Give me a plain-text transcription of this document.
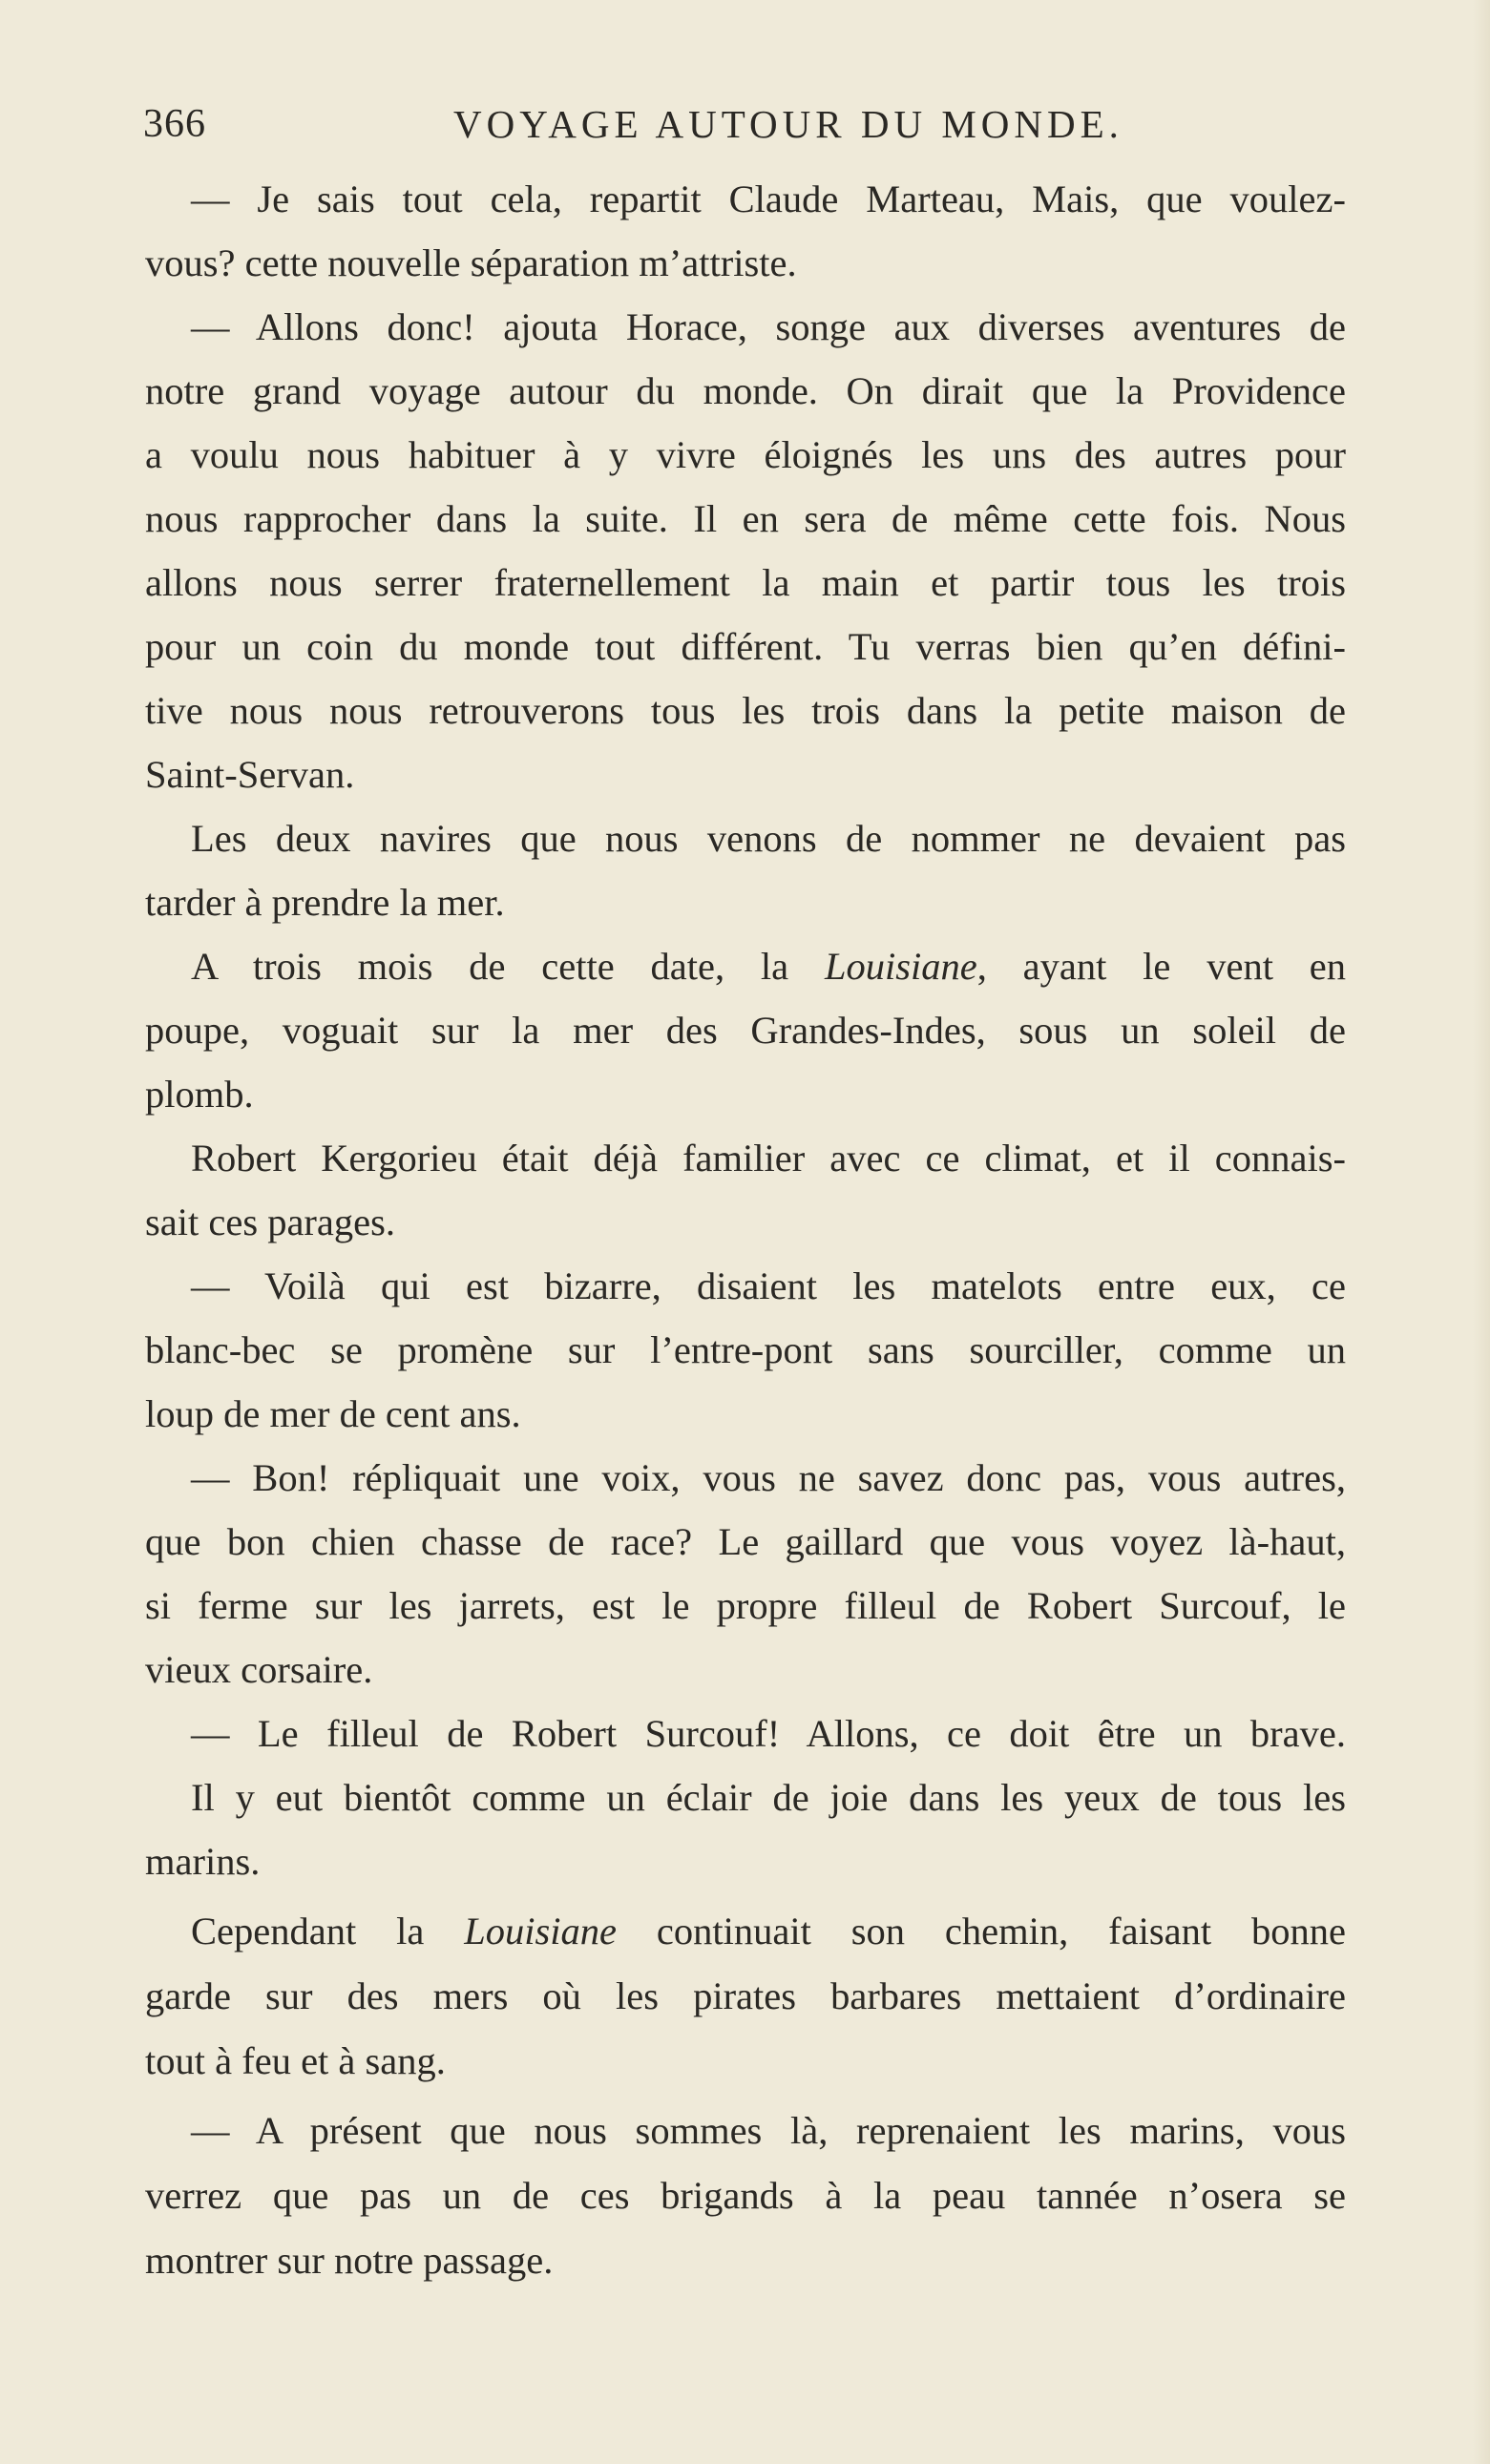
366	VOYAGE AUTOUR DU MONDE.
— Je sais tout cela, repartit Claude Marteau, Mais, que voulez-
vous? cette nouvelle séparation m’attriste.
— Allons donc! ajouta Horace, songe aux diverses aventures de
notre grand voyage autour du monde. On dirait que la Providence
a voulu nous habituer à y vivre éloignés les uns des autres pour
nous rapprocher dans la suite. Il en sera de même cette fois. Nous
allons nous serrer fraternellement la main et partir tous les trois
pour un coin du monde tout différent. Tu verras bien qu’en défini-
tive nous nous retrouverons tous les trois dans la petite maison de
Saint-Servan.
Les deux navires que nous venons de nommer ne devaient pas
tarder à prendre la mer.
A trois mois de cette date, la Louisiane, ayant le vent en
poupe, voguait sur la mer des Grandes-Indes, sous un soleil de
plomb.
Robert Kergorieu était déjà familier avec ce climat, et il connais-
sait ces parages.
— Voilà qui est bizarre, disaient les matelots entre eux, ce
blanc-bec se promène sur l’entre-pont sans sourciller, comme un
loup de mer de cent ans.
— Bon! répliquait une voix, vous ne savez donc pas, vous autres,
que bon chien chasse de race? Le gaillard que vous voyez là-haut,
si ferme sur les jarrets, est le propre filleul de Robert Surcouf, le
vieux corsaire.
— Le filleul de Robert Surcouf! Allons, ce doit être un brave.
Il y eut bientôt comme un éclair de joie dans les yeux de tous les
marins.
Cependant la Louisiane continuait son chemin, faisant bonne
garde sur des mers où les pirates barbares mettaient d’ordinaire
tout à feu et à sang.
— A présent que nous sommes là, reprenaient les marins, vous
verrez que pas un de ces brigands à la peau tannée n’osera se
montrer sur notre passage.
